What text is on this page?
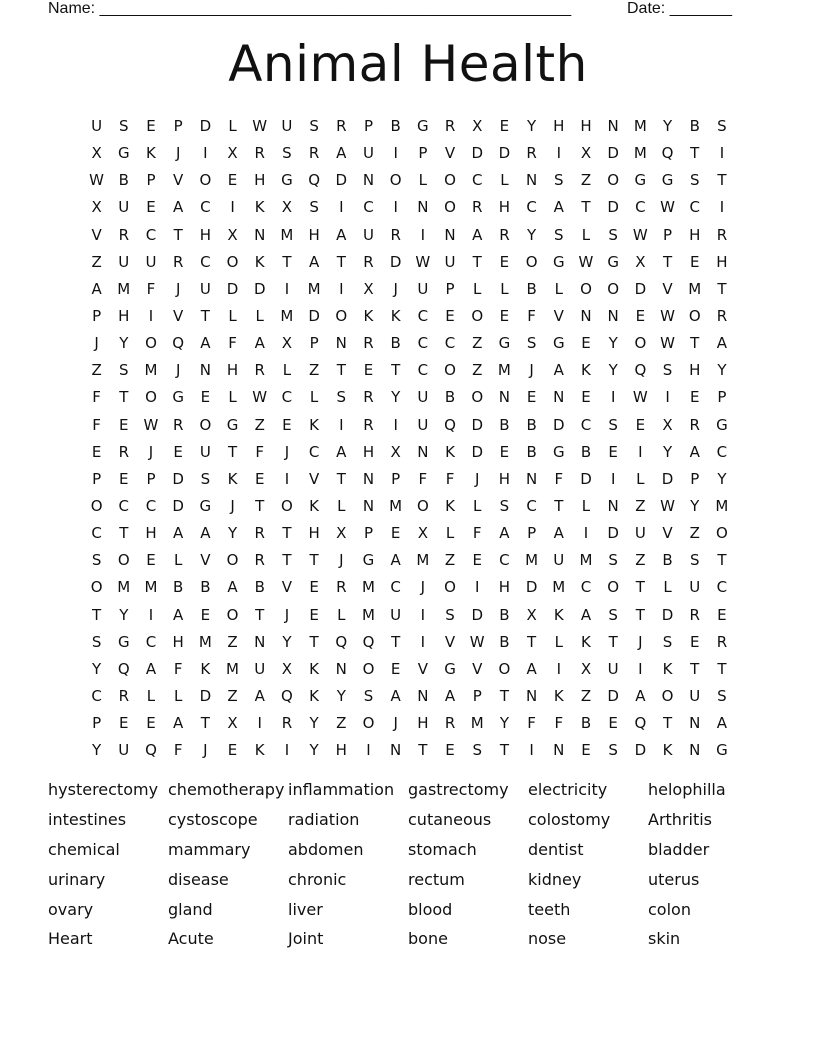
Name: _____________________________________________________	Date: _______
Animal Health
U	S	E	P	D	L	W U	S	R	P	B	G	R	X	E	Y	H	H	N	M	Y	B	S
X	G	K	J	I	X	R	S	R	A	U	I	P	V	D	D	R	I	X	D M Q	T	I
W B	P	V	O	E	H	G	Q	D	N	O	L	O	C	L	N	S	Z	O	G	G	S	T
X	U	E	A	C	I	K	X	S	I	C	I	N	O	R	H	C	A	T	D	C W C	I
V	R	C	T	H	X	N	M	H	A	U	R	I	N	A	R	Y	S	L	S	W	P	H	R
Z	U	U	R	C	O	K	T	A	T	R	D W U	T	E	O	G W G	X	T	E	H
A	M	F	J	U	D	D	I	M	I	X	J	U	P	L	L	B	L	O	O	D	V	M	T
P	H	I	V	T	L	L	M D	O	K	K	C	E	O	E	F	V	N	N	E	W O	R
J	Y	O	Q	A	F	A	X	P	N	R	B	C	C	Z	G	S	G	E	Y	O W	T	A
Z	S	M	J	N	H	R	L	Z	T	E	T	C	O	Z	M	J	A	K	Y	Q	S	H	Y
F	T	O	G	E	L	W C	L	S	R	Y	U	B	O	N	E	N	E	I	W	I	E	P
F	E	W R	O	G	Z	E	K	I	R	I	U	Q	D	B	B	D	C	S	E	X	R	G
E	R	J	E	U	T	F	J	C	A	H	X	N	K	D	E	B	G	B	E	I	Y	A	C
P	E	P	D	S	K	E	I	V	T	N	P	F	F	J	H	N	F	D	I	L	D	P	Y
O	C	C	D	G	J	T	O	K	L	N	M O	K	L	S	C	T	L	N	Z W	Y	M
C	T	H	A	A	Y	R	T	H	X	P	E	X	L	F	A	P	A	I	D	U	V	Z	O
S	O	E	L	V	O	R	T	T	J	G	A	M	Z	E	C	M	U	M	S	Z	B	S	T
O M M	B	B	A	B	V	E	R	M	C	J	O	I	H	D M	C	O	T	L	U	C
T	Y	I	A	E	O	T	J	E	L	M	U	I	S	D	B	X	K	A	S	T	D	R	E
S	G	C	H	M	Z	N	Y	T	Q	Q	T	I	V W B	T	L	K	T	J	S	E	R
Y	Q	A	F	K	M	U	X	K	N	O	E	V	G	V	O	A	I	X	U	I	K	T	T
C	R	L	L	D	Z	A	Q	K	Y	S	A	N	A	P	T	N	K	Z	D	A	O	U	S
P	E	E	A	T	X	I	R	Y	Z	O	J	H	R	M	Y	F	F	B	E	Q	T	N	A
Y	U	Q	F	J	E	K	I	Y	H	I	N	T	E	S	T	I	N	E	S	D	K	N	G
hysterectomy chemotherapy inflammation gastrectomy	electricity	helophilla
intestines	cystoscope	radiation	cutaneous	colostomy	Arthritis
chemical	mammary	abdomen	stomach	dentist	bladder
urinary	disease	chronic	rectum	kidney	uterus
ovary	gland	liver	blood	teeth	colon
Heart	Acute	Joint	bone	nose	skin
